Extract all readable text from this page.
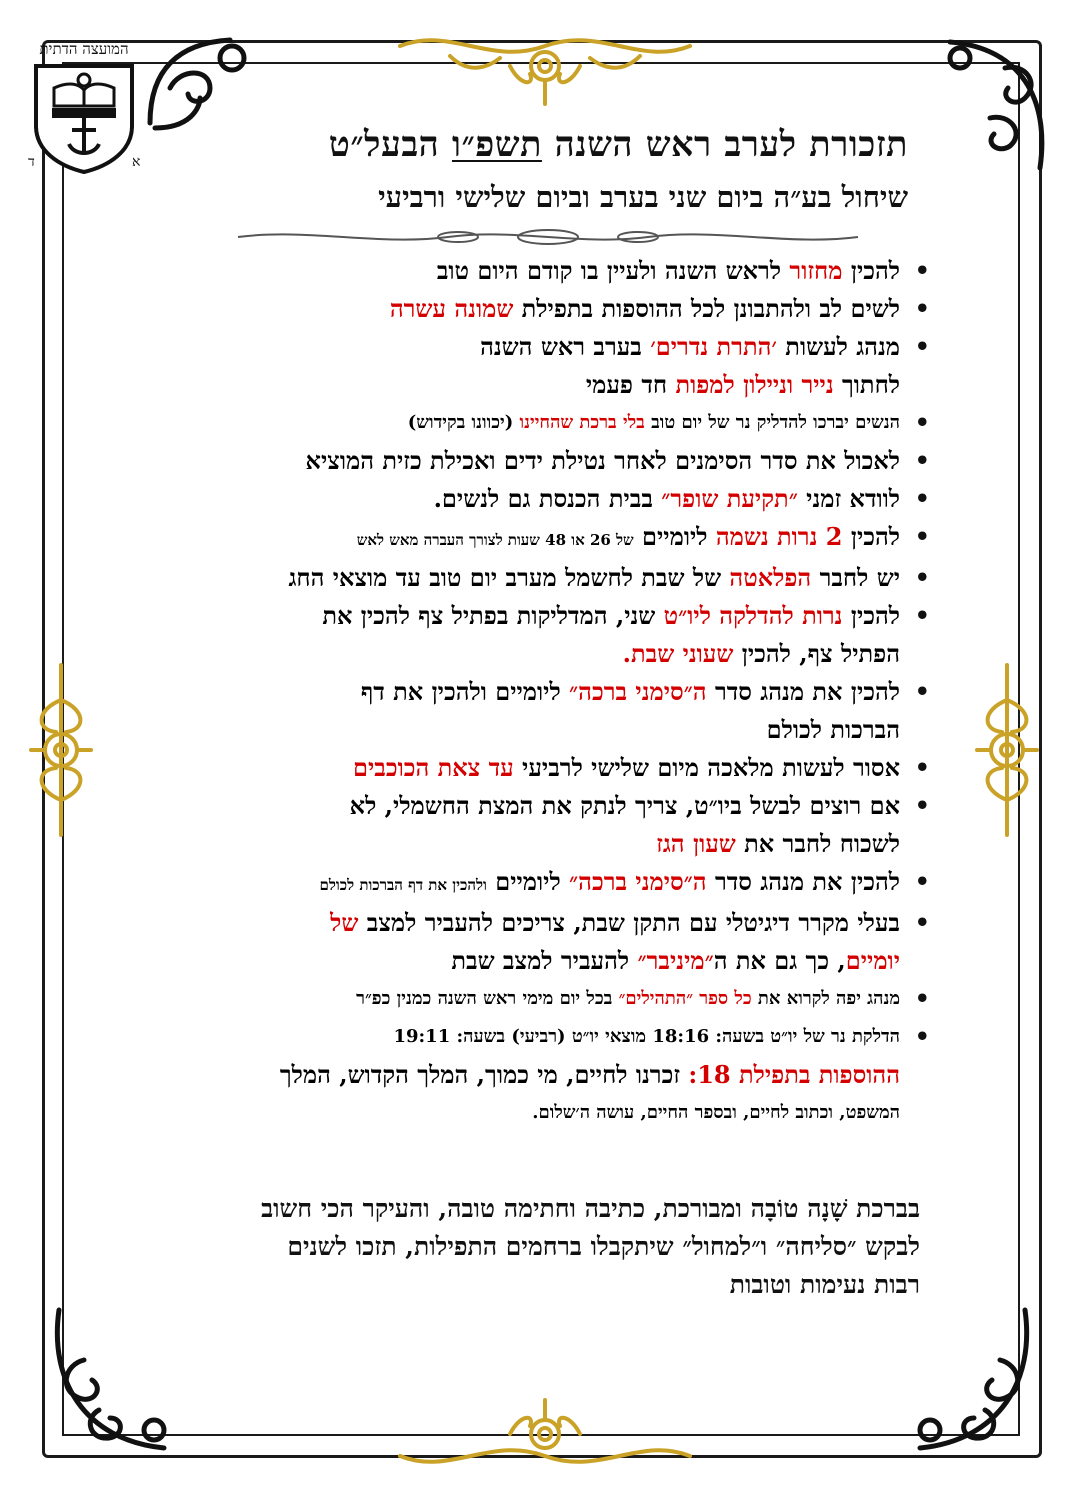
המועצה הדתית
ד	א	תזכורת לערב ראש השנה תשפ״ו הבעל״ט
שיחול בע״ה ביום שני בערב וביום שלישי ורביעי
• להכין מחזור לראש השנה ולעיין בו קודם היום טוב
• לשים לב ולהתבונן לכל ההוספות בתפילת שמונה עשרה
• מנהג לעשות ׳התרת נדרים׳ בערב ראש השנה
לחתוך נייר וניילון למפות חד פעמי
• הנשים יברכו להדליק נר של יום טוב בלי ברכת שהחיינו (יכוונו בקידוש)
• לאכול את סדר הסימנים לאחר נטילת ידים ואכילת כזית המוציא
• לוודא זמני ״תקיעת שופר״ בבית הכנסת גם לנשים.
• להכין 2 נרות נשמה ליומיים של 26 או 48 שעות לצורך העברה מאש לאש
• יש לחבר הפלאטה של שבת לחשמל מערב יום טוב עד מוצאי החג
• להכין נרות להדלקה ליו״ט שני, המדליקות בפתיל צף להכין את
הפתיל צף, להכין שעוני שבת.
• להכין את מנהג סדר ה״סימני ברכה״ ליומיים ולהכין את דף
הברכות לכולם
• אסור לעשות מלאכה מיום שלישי לרביעי עד צאת הכוכבים
• אם רוצים לבשל ביו״ט, צריך לנתק את המצת החשמלי, לא
לשכוח לחבר את שעון הגז
• להכין את מנהג סדר ה״סימני ברכה״ ליומיים ולהכין את דף הברכות לכולם
• בעלי מקרר דיגיטלי עם התקן שבת, צריכים להעביר למצב של
יומיים, כך גם את ה״מיניבר״ להעביר למצב שבת
• מנהג יפה לקרוא את כל ספר ״התהילים״ בכל יום מימי ראש השנה כמנין כפ״ר
• הדלקת נר של יו״ט בשעה: 18:16 מוצאי יו״ט (רביעי) בשעה: 19:11
ההוספות בתפילת 18: זכרנו לחיים, מי כמוך, המלך הקדוש, המלך
המשפט, וכתוב לחיים, ובספר החיים, עושה ה׳שלום.
בברכת שָׁנָה טוֹבָה ומבורכת, כתיבה וחתימה טובה, והעיקר הכי חשוב
לבקש ״סליחה״ ו״למחול״ שיתקבלו ברחמים התפילות, תזכו לשנים
רבות נעימות וטובות
